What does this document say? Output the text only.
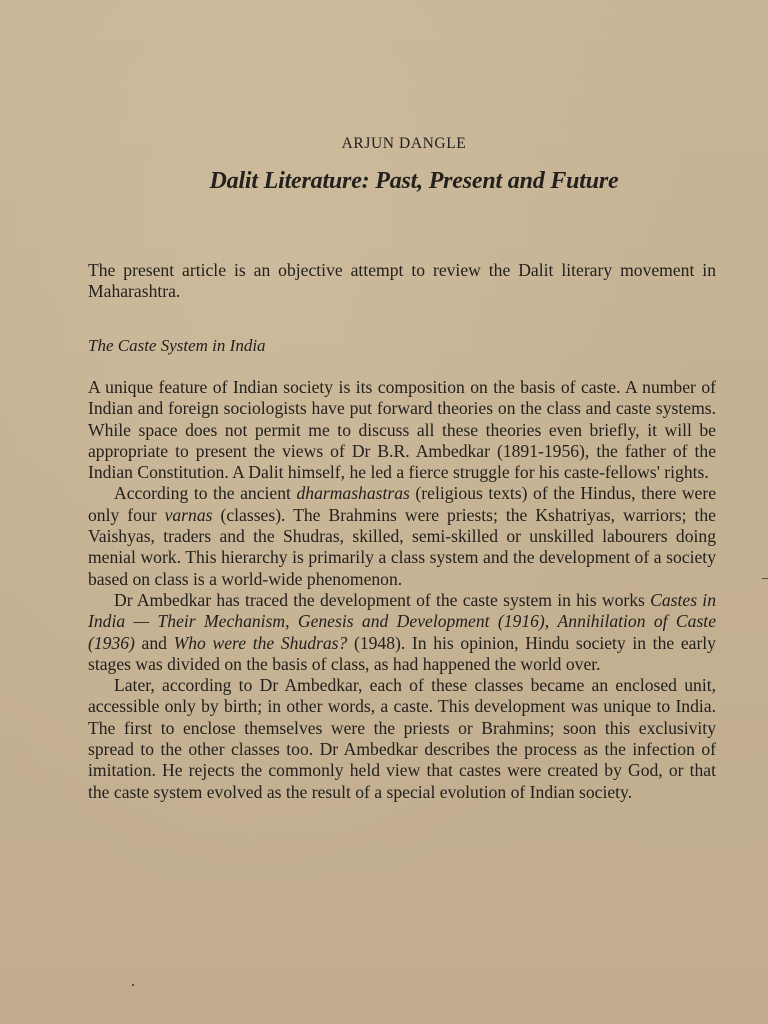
ARJUN DANGLE
Dalit Literature: Past, Present and Future

The present article is an objective attempt to review the Dalit literary movement in Maharashtra.

The Caste System in India

A unique feature of Indian society is its composition on the basis of caste. A number of Indian and foreign sociologists have put forward theories on the class and caste systems. While space does not permit me to discuss all these theories even briefly, it will be appropriate to present the views of Dr B.R. Ambedkar (1891-1956), the father of the Indian Constitution. A Dalit himself, he led a fierce struggle for his caste-fellows' rights.

According to the ancient dharmashastras (religious texts) of the Hindus, there were only four varnas (classes). The Brahmins were priests; the Kshatriyas, warriors; the Vaishyas, traders and the Shudras, skilled, semi-skilled or unskilled labourers doing menial work. This hierarchy is primarily a class system and the development of a society based on class is a world-wide phenomenon.

Dr Ambedkar has traced the development of the caste system in his works Castes in India — Their Mechanism, Genesis and Development (1916), Annihilation of Caste (1936) and Who were the Shudras? (1948). In his opinion, Hindu society in the early stages was divided on the basis of class, as had happened the world over.

Later, according to Dr Ambedkar, each of these classes became an enclosed unit, accessible only by birth; in other words, a caste. This development was unique to India. The first to enclose themselves were the priests or Brahmins; soon this exclusivity spread to the other classes too. Dr Ambedkar describes the process as the infection of imitation. He rejects the commonly held view that castes were created by God, or that the caste system evolved as the result of a special evolution of Indian society.
